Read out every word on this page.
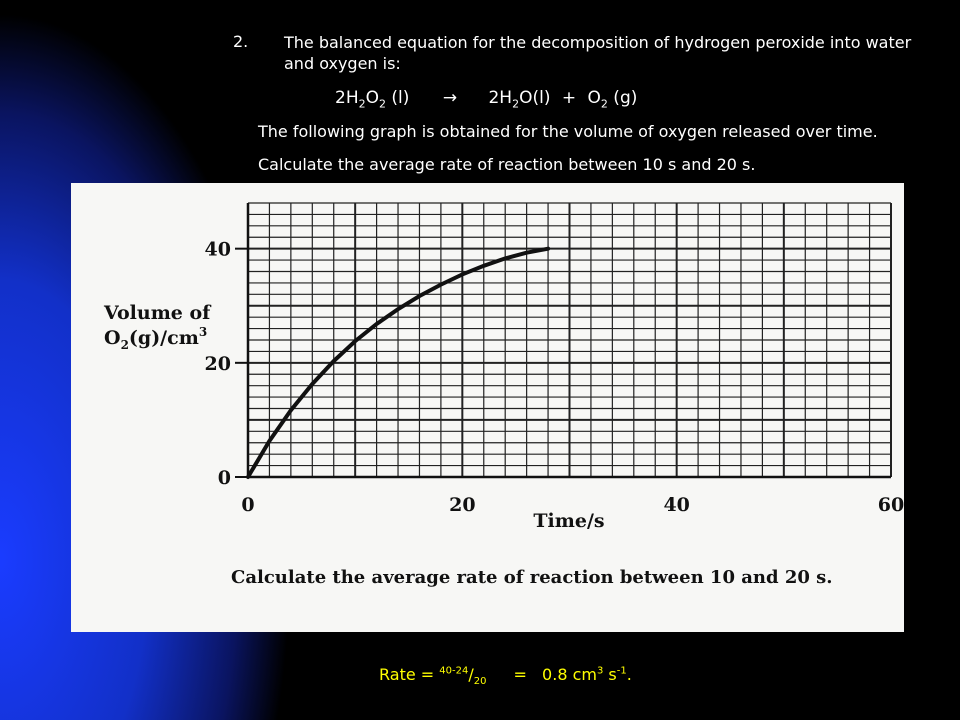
2. The balanced equation for the decomposition of hydrogen peroxide into water and oxygen is:
$2H_2O_2$ $(l) \to 2H_2O(l) + O_2$ (g)
The following graph is obtained for the volume of oxygen released over time.
Calculate the average rate of reaction between 10 s and 20 s.
0	20	40	60
0
20
40
Volume of
$O_2(g)/cm^3$
Time/s
Calculate the average rate of reaction between 10 and 20 s.
Rate = $^{40-24}/_{20} = 0.8$ $cm^3$ $s^{-1}$.
